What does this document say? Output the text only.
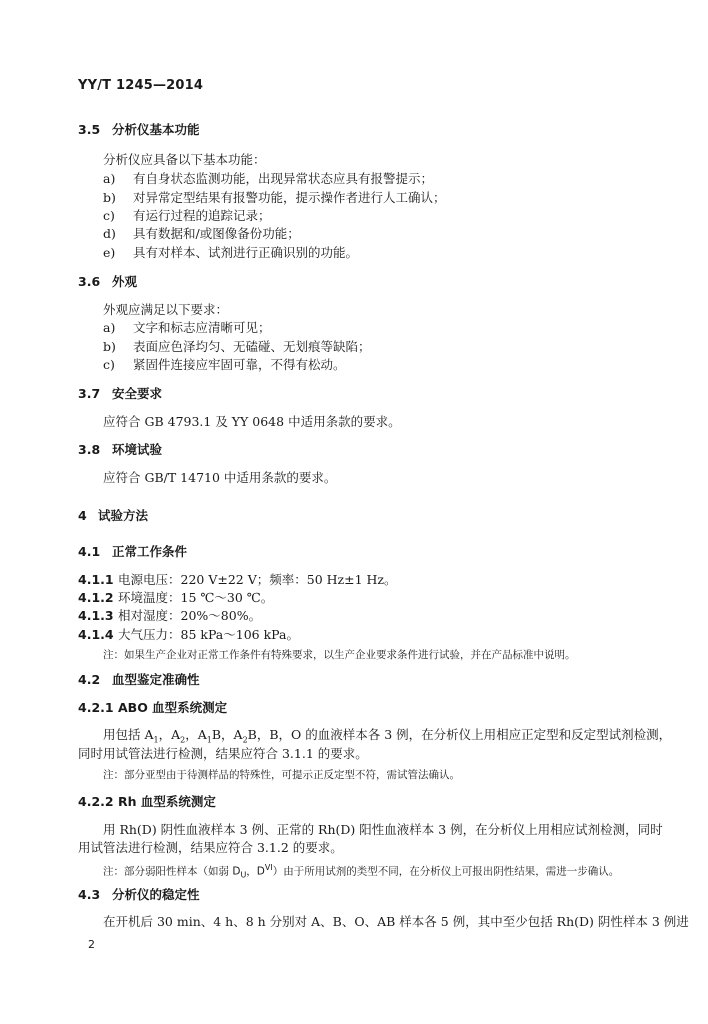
YY/T 1245—2014
3.5 分析仪基本功能
分析仪应具备以下基本功能：
a) 有自身状态监测功能，出现异常状态应具有报警提示；
b) 对异常定型结果有报警功能，提示操作者进行人工确认；
c) 有运行过程的追踪记录；
d) 具有数据和/或图像备份功能；
e) 具有对样本、试剂进行正确识别的功能。
3.6 外观
外观应满足以下要求：
a) 文字和标志应清晰可见；
b) 表面应色泽均匀、无磕碰、无划痕等缺陷；
c) 紧固件连接应牢固可靠，不得有松动。
3.7 安全要求
应符合 GB 4793.1 及 YY 0648 中适用条款的要求。
3.8 环境试验
应符合 GB/T 14710 中适用条款的要求。
4 试验方法
4.1 正常工作条件
4.1.1 电源电压：220 V±22 V；频率：50 Hz±1 Hz。
4.1.2 环境温度：15 ℃～30 ℃。
4.1.3 相对湿度：20%～80%。
4.1.4 大气压力：85 kPa～106 kPa。
注：如果生产企业对正常工作条件有特殊要求，以生产企业要求条件进行试验，并在产品标准中说明。
4.2 血型鉴定准确性
4.2.1 ABO 血型系统测定
用包括 $A_1$，$A_2$，$A_1B$，$A_2B$，B，O 的血液样本各 3 例，在分析仪上用相应正定型和反定型试剂检测，
同时用试管法进行检测，结果应符合 3.1.1 的要求。
注：部分亚型由于待测样品的特殊性，可提示正反定型不符，需试管法确认。
4.2.2 Rh 血型系统测定
用 Rh(D) 阴性血液样本 3 例、正常的 Rh(D) 阳性血液样本 3 例，在分析仪上用相应试剂检测，同时
用试管法进行检测，结果应符合 3.1.2 的要求。
注：部分弱阳性样本（如弱 $D_U$，$D^{VI}$）由于所用试剂的类型不同，在分析仪上可报出阴性结果，需进一步确认。
4.3 分析仪的稳定性
在开机后 30 min、4 h、8 h 分别对 A、B、O、AB 样本各 5 例，其中至少包括 Rh(D) 阴性样本 3 例进
2
